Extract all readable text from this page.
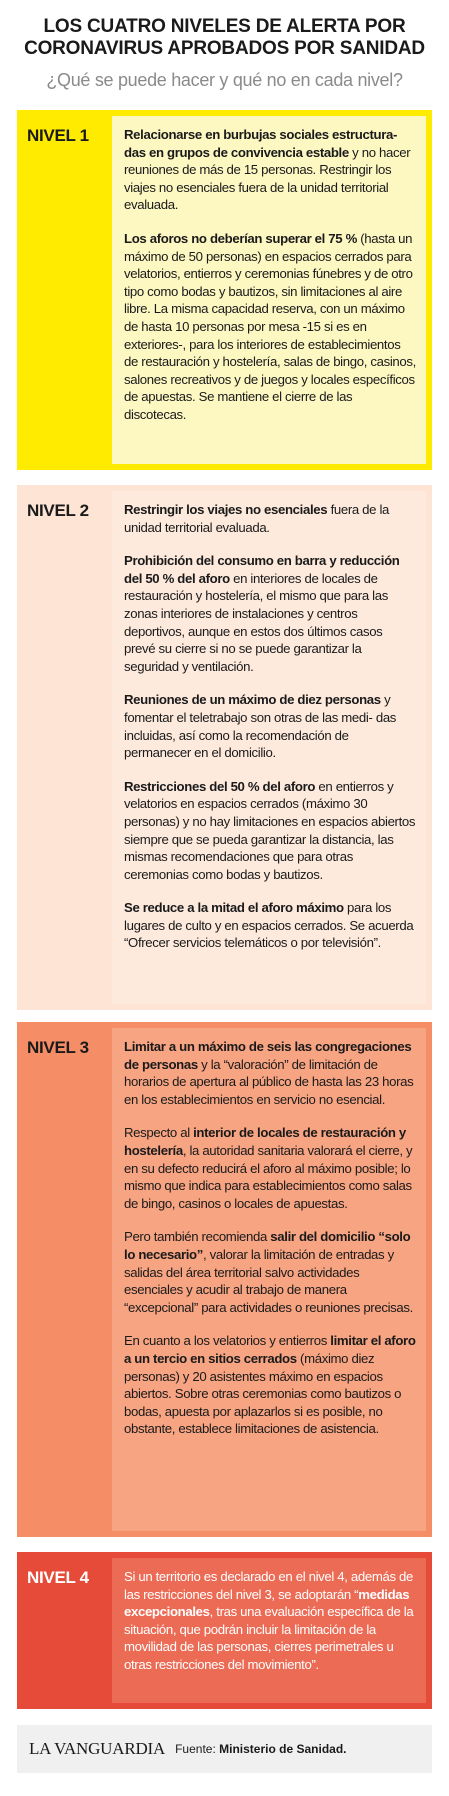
LOS CUATRO NIVELES DE ALERTA POR
CORONAVIRUS APROBADOS POR SANIDAD
¿Qué se puede hacer y qué no en cada nivel?
NIVEL 1	Relacionarse en burbujas sociales estructura- das en grupos de convivencia estable y no hacer reuniones de más de 15 personas. Restringir los viajes no esenciales fuera de la unidad territorial evaluada.

Los aforos no deberían superar el 75 % (hasta un máximo de 50 personas) en espacios cerrados para velatorios, entierros y ceremonias fúnebres y de otro tipo como bodas y bautizos, sin limitaciones al aire libre. La misma capacidad reserva, con un máximo de hasta 10 personas por mesa -15 si es en exteriores-, para los interiores de establecimientos de restauración y hostelería, salas de bingo, casinos, salones recreativos y de juegos y locales específicos de apuestas. Se mantiene el cierre de las discotecas.

NIVEL 2	Restringir los viajes no esenciales fuera de la unidad territorial evaluada.

Prohibición del consumo en barra y reducción del 50 % del aforo en interiores de locales de restauración y hostelería, el mismo que para las zonas interiores de instalaciones y centros deportivos, aunque en estos dos últimos casos prevé su cierre si no se puede garantizar la seguridad y ventilación.

Reuniones de un máximo de diez personas y fomentar el teletrabajo son otras de las medi- das incluidas, así como la recomendación de permanecer en el domicilio.

Restricciones del 50 % del aforo en entierros y velatorios en espacios cerrados (máximo 30 personas) y no hay limitaciones en espacios abiertos siempre que se pueda garantizar la distancia, las mismas recomendaciones que para otras ceremonias como bodas y bautizos.

Se reduce a la mitad el aforo máximo para los lugares de culto y en espacios cerrados. Se acuerda “Ofrecer servicios telemáticos o por televisión”.

NIVEL 3	Limitar a un máximo de seis las congregaciones de personas y la “valoración” de limitación de horarios de apertura al público de hasta las 23 horas en los establecimientos en servicio no esencial.

Respecto al interior de locales de restauración y hostelería, la autoridad sanitaria valorará el cierre, y en su defecto reducirá el aforo al máximo posible; lo mismo que indica para establecimientos como salas de bingo, casinos o locales de apuestas.

Pero también recomienda salir del domicilio “solo lo necesario”, valorar la limitación de entradas y salidas del área territorial salvo actividades esenciales y acudir al trabajo de manera “excepcional” para actividades o reuniones precisas.

En cuanto a los velatorios y entierros limitar el aforo a un tercio en sitios cerrados (máximo diez personas) y 20 asistentes máximo en espacios abiertos. Sobre otras ceremonias como bautizos o bodas, apuesta por aplazarlos si es posible, no obstante, establece limitaciones de asistencia.

NIVEL 4	Si un territorio es declarado en el nivel 4, además de las restricciones del nivel 3, se adoptarán “medidas excepcionales, tras una evaluación específica de la situación, que podrán incluir la limitación de la movilidad de las personas, cierres perimetrales u otras restricciones del movimiento”.

LA VANGUARDIA Fuente: Ministerio de Sanidad.
